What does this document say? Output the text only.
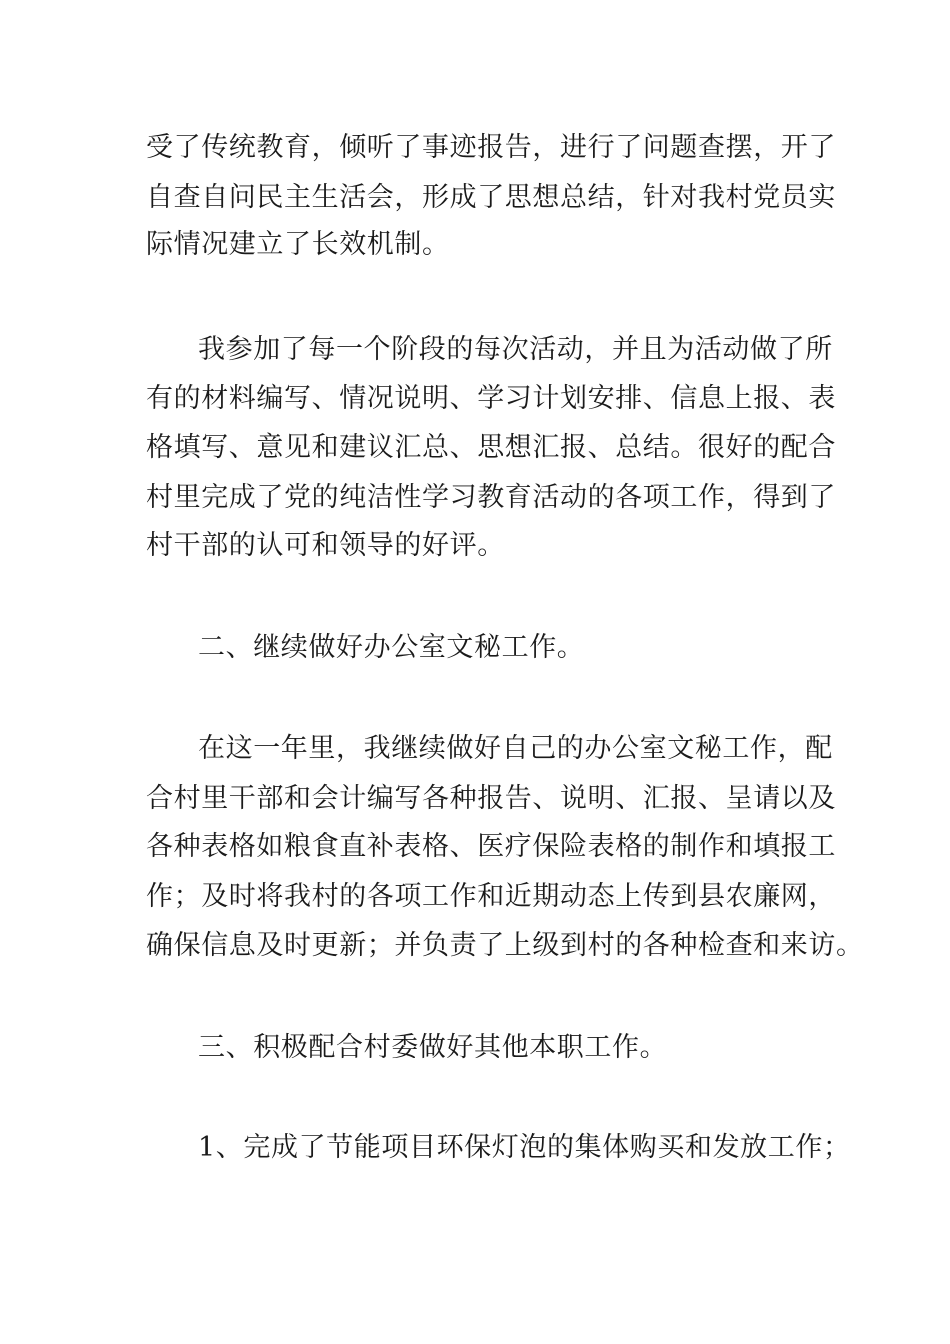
受了传统教育，倾听了事迹报告，进行了问题查摆，开了

自查自问民主生活会，形成了思想总结，针对我村党员实

际情况建立了长效机制。

我参加了每一个阶段的每次活动，并且为活动做了所

有的材料编写、情况说明、学习计划安排、信息上报、表

格填写、意见和建议汇总、思想汇报、总结。很好的配合

村里完成了党的纯洁性学习教育活动的各项工作，得到了

村干部的认可和领导的好评。

二、继续做好办公室文秘工作。

在这一年里，我继续做好自己的办公室文秘工作，配

合村里干部和会计编写各种报告、说明、汇报、呈请以及

各种表格如粮食直补表格、医疗保险表格的制作和填报工

作；及时将我村的各项工作和近期动态上传到县农廉网，

确保信息及时更新；并负责了上级到村的各种检查和来访。

三、积极配合村委做好其他本职工作。

1、完成了节能项目环保灯泡的集体购买和发放工作；
